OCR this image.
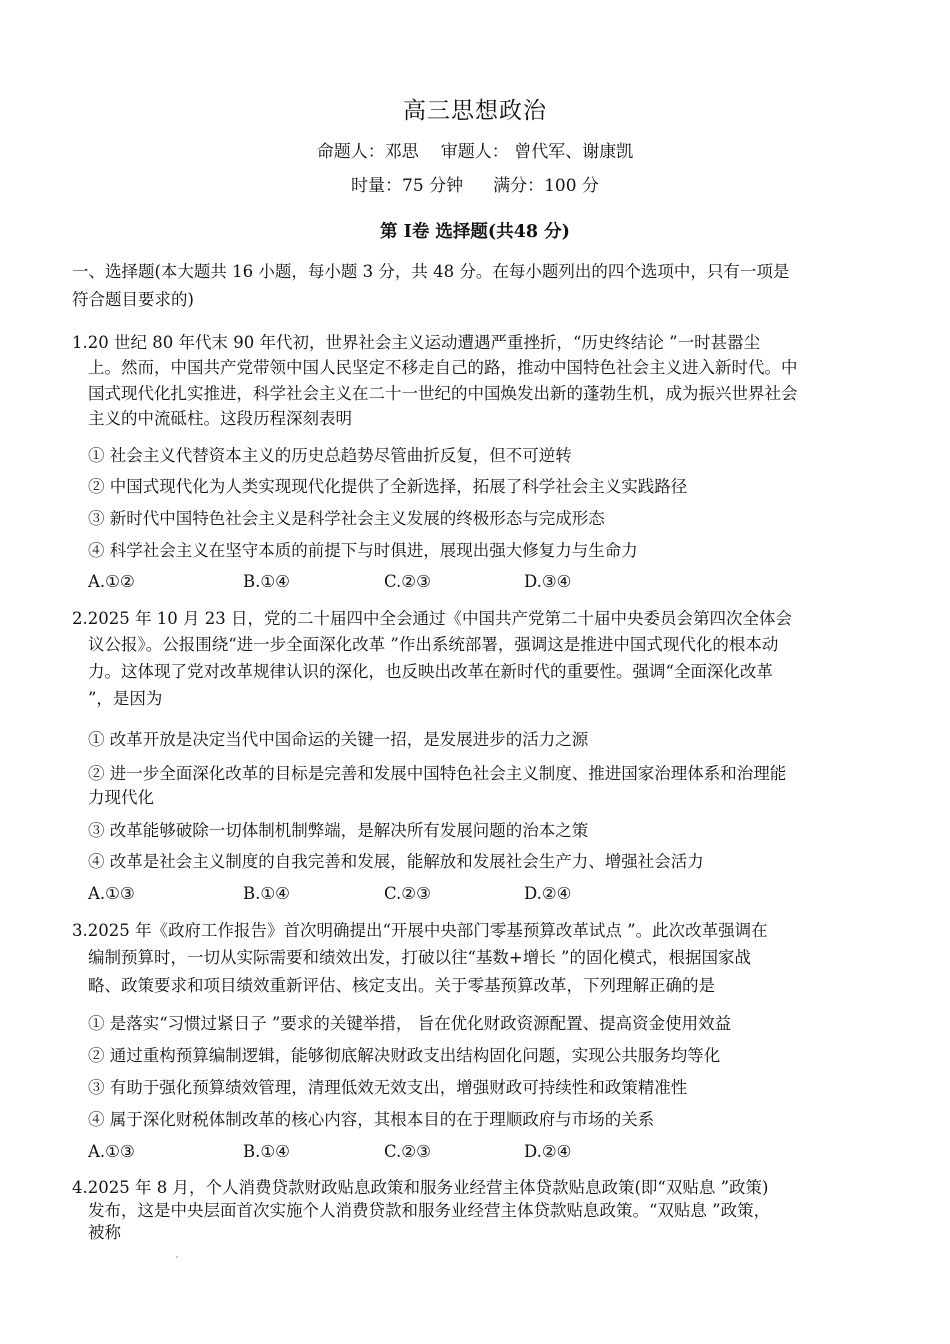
高三思想政治
命题人：邓思 审题人： 曾代军、谢康凯
时量：75 分钟 满分：100 分
第 Ⅰ卷 选择题(共48 分)
一、选择题(本大题共 16 小题，每小题 3 分，共 48 分。在每小题列出的四个选项中，只有一项是
符合题目要求的)
1.20 世纪 80 年代末 90 年代初，世界社会主义运动遭遇严重挫折，“历史终结论 ”一时甚嚣尘
上。然而，中国共产党带领中国人民坚定不移走自己的路，推动中国特色社会主义进入新时代。中
国式现代化扎实推进，科学社会主义在二十一世纪的中国焕发出新的蓬勃生机，成为振兴世界社会
主义的中流砥柱。这段历程深刻表明
① 社会主义代替资本主义的历史总趋势尽管曲折反复，但不可逆转
② 中国式现代化为人类实现现代化提供了全新选择，拓展了科学社会主义实践路径
③ 新时代中国特色社会主义是科学社会主义发展的终极形态与完成形态
④ 科学社会主义在坚守本质的前提下与时俱进，展现出强大修复力与生命力
A.①②	B.①④	C.②③	D.③④
2.2025 年 10 月 23 日，党的二十届四中全会通过《中国共产党第二十届中央委员会第四次全体会
议公报》。公报围绕“进一步全面深化改革 ”作出系统部署，强调这是推进中国式现代化的根本动
力。这体现了党对改革规律认识的深化，也反映出改革在新时代的重要性。强调“全面深化改革
”，是因为
① 改革开放是决定当代中国命运的关键一招，是发展进步的活力之源
② 进一步全面深化改革的目标是完善和发展中国特色社会主义制度、推进国家治理体系和治理能
力现代化
③ 改革能够破除一切体制机制弊端，是解决所有发展问题的治本之策
④ 改革是社会主义制度的自我完善和发展，能解放和发展社会生产力、增强社会活力
A.①③	B.①④	C.②③	D.②④
3.2025 年《政府工作报告》首次明确提出“开展中央部门零基预算改革试点 ”。此次改革强调在
编制预算时，一切从实际需要和绩效出发，打破以往“基数+增长 ”的固化模式，根据国家战
略、政策要求和项目绩效重新评估、核定支出。关于零基预算改革，下列理解正确的是
① 是落实“习惯过紧日子 ”要求的关键举措， 旨在优化财政资源配置、提高资金使用效益
② 通过重构预算编制逻辑，能够彻底解决财政支出结构固化问题，实现公共服务均等化
③ 有助于强化预算绩效管理，清理低效无效支出，增强财政可持续性和政策精准性
④ 属于深化财税体制改革的核心内容，其根本目的在于理顺政府与市场的关系
A.①③	B.①④	C.②③	D.②④
4.2025 年 8 月，个人消费贷款财政贴息政策和服务业经营主体贷款贴息政策(即“双贴息 ”政策)
发布，这是中央层面首次实施个人消费贷款和服务业经营主体贷款贴息政策。“双贴息 ”政策，
被称
